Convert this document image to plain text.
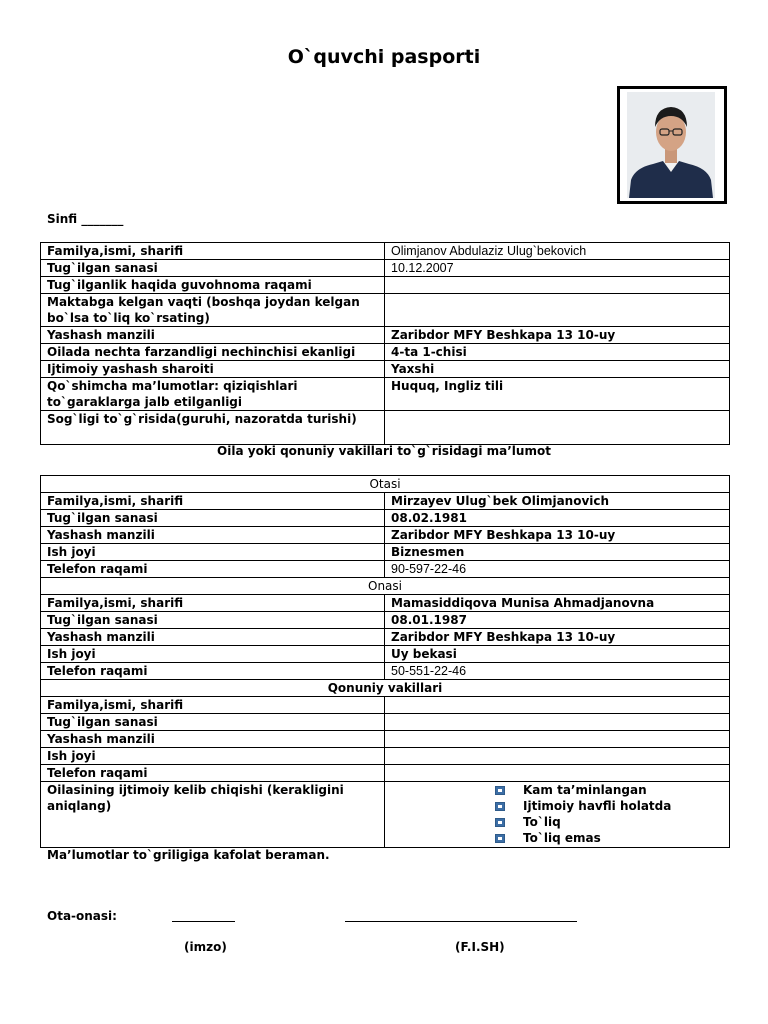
O`quvchi pasporti
Sinfi _______
Familya,ismi, sharifi	Olimjanov Abdulaziz Ulug`bekovich
Tug`ilgan sanasi	10.12.2007
Tug`ilganlik haqida guvohnoma raqami	
Maktabga kelgan vaqti (boshqa joydan kelgan bo`lsa to`liq ko`rsating)	
Yashash manzili	Zaribdor MFY Beshkapa 13 10-uy
Oilada nechta farzandligi nechinchisi ekanligi	4-ta 1-chisi
Ijtimoiy yashash sharoiti	Yaxshi
Qo`shimcha ma’lumotlar: qiziqishlari to`garaklarga jalb etilganligi	Huquq, Ingliz tili
Sog`ligi to`g`risida(guruhi, nazoratda turishi)	
Oila yoki qonuniy vakillari to`g`risidagi ma’lumot
Otasi	
Familya,ismi, sharifi	Mirzayev Ulug`bek Olimjanovich
Tug`ilgan sanasi	08.02.1981
Yashash manzili	Zaribdor MFY Beshkapa 13 10-uy
Ish joyi	Biznesmen
Telefon raqami	90-597-22-46
Onasi	
Familya,ismi, sharifi	Mamasiddiqova Munisa Ahmadjanovna
Tug`ilgan sanasi	08.01.1987
Yashash manzili	Zaribdor MFY Beshkapa 13 10-uy
Ish joyi	Uy bekasi
Telefon raqami	50-551-22-46
Qonuniy vakillari	
Familya,ismi, sharifi	
Tug`ilgan sanasi	
Yashash manzili	
Ish joyi	
Telefon raqami	
Oilasining ijtimoiy kelib chiqishi (kerakligini aniqlang)	Kam ta’minlangan
Ijtimoiy havfli holatda
To`liq
To`liq emas
Ma’lumotlar to`griligiga kafolat beraman.
Ota-onasi:
(imzo)	(F.I.SH)
